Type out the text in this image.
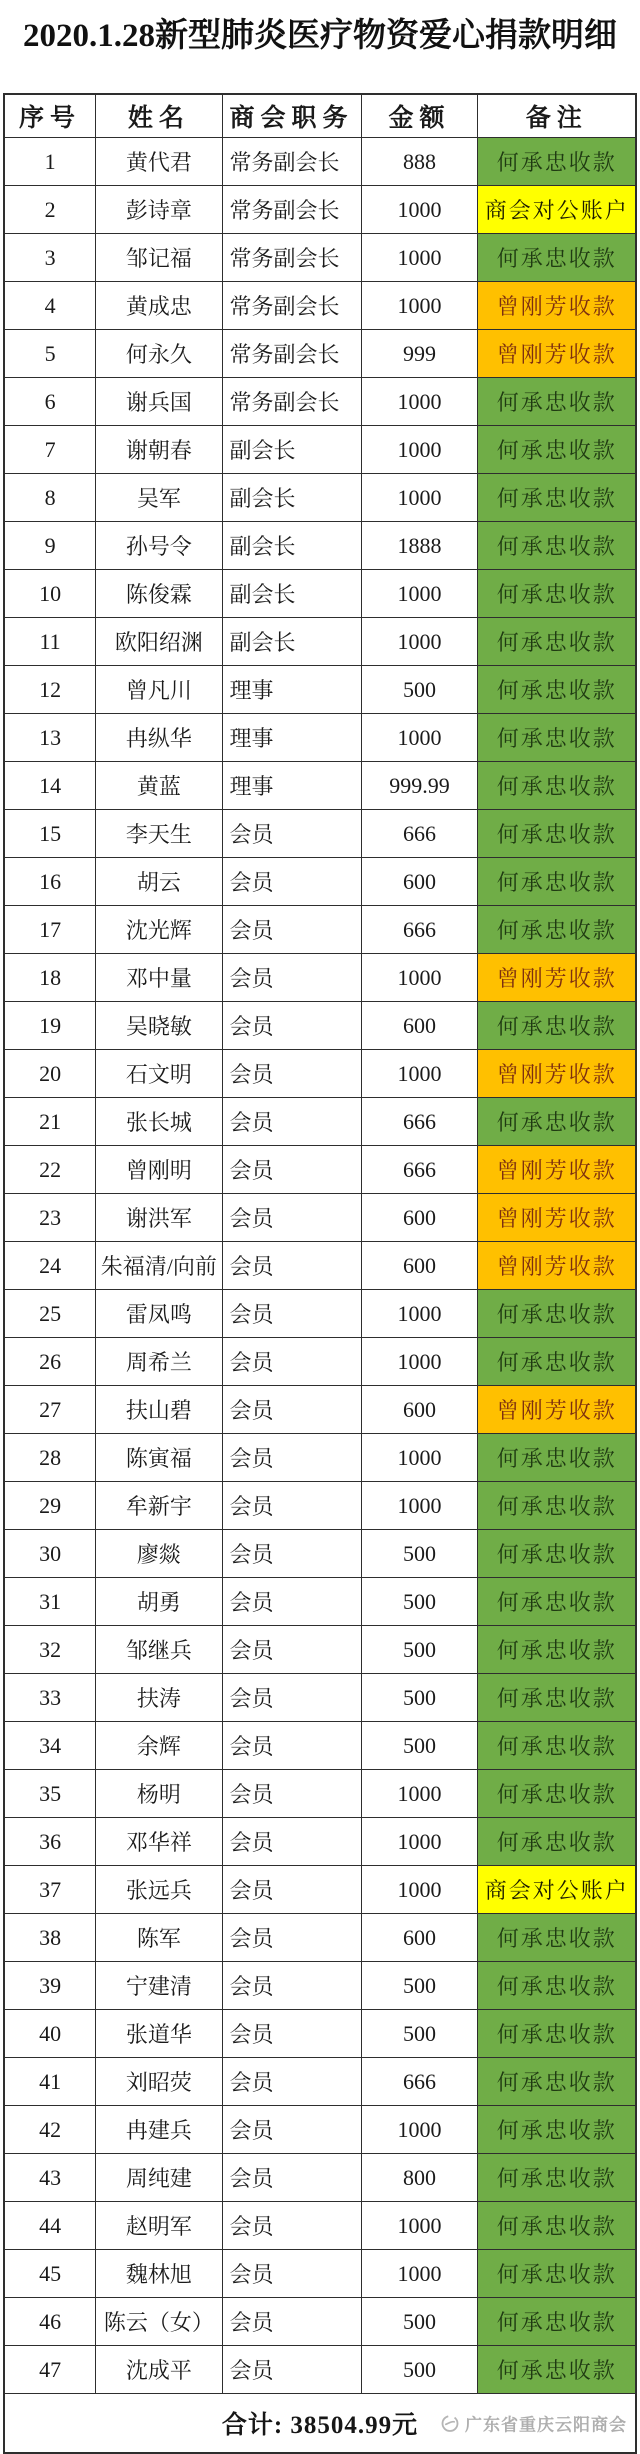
2020.1.28新型肺炎医疗物资爱心捐款明细
序号	姓名	商会职务	金额	备注
1	黄代君	常务副会长	888	何承忠收款
2	彭诗章	常务副会长	1000	商会对公账户
3	邹记福	常务副会长	1000	何承忠收款
4	黄成忠	常务副会长	1000	曾刚芳收款
5	何永久	常务副会长	999	曾刚芳收款
6	谢兵国	常务副会长	1000	何承忠收款
7	谢朝春	副会长	1000	何承忠收款
8	吴军	副会长	1000	何承忠收款
9	孙号令	副会长	1888	何承忠收款
10	陈俊霖	副会长	1000	何承忠收款
11	欧阳绍渊	副会长	1000	何承忠收款
12	曾凡川	理事	500	何承忠收款
13	冉纵华	理事	1000	何承忠收款
14	黄蓝	理事	999.99	何承忠收款
15	李天生	会员	666	何承忠收款
16	胡云	会员	600	何承忠收款
17	沈光辉	会员	666	何承忠收款
18	邓中量	会员	1000	曾刚芳收款
19	吴晓敏	会员	600	何承忠收款
20	石文明	会员	1000	曾刚芳收款
21	张长城	会员	666	何承忠收款
22	曾刚明	会员	666	曾刚芳收款
23	谢洪军	会员	600	曾刚芳收款
24	朱福清/向前	会员	600	曾刚芳收款
25	雷凤鸣	会员	1000	何承忠收款
26	周希兰	会员	1000	何承忠收款
27	扶山碧	会员	600	曾刚芳收款
28	陈寅福	会员	1000	何承忠收款
29	牟新宇	会员	1000	何承忠收款
30	廖燚	会员	500	何承忠收款
31	胡勇	会员	500	何承忠收款
32	邹继兵	会员	500	何承忠收款
33	扶涛	会员	500	何承忠收款
34	余辉	会员	500	何承忠收款
35	杨明	会员	1000	何承忠收款
36	邓华祥	会员	1000	何承忠收款
37	张远兵	会员	1000	商会对公账户
38	陈军	会员	600	何承忠收款
39	宁建清	会员	500	何承忠收款
40	张道华	会员	500	何承忠收款
41	刘昭荧	会员	666	何承忠收款
42	冉建兵	会员	1000	何承忠收款
43	周纯建	会员	800	何承忠收款
44	赵明军	会员	1000	何承忠收款
45	魏林旭	会员	1000	何承忠收款
46	陈云（女）	会员	500	何承忠收款
47	沈成平	会员	500	何承忠收款

合计: 38504.99元 广东省重庆云阳商会				
